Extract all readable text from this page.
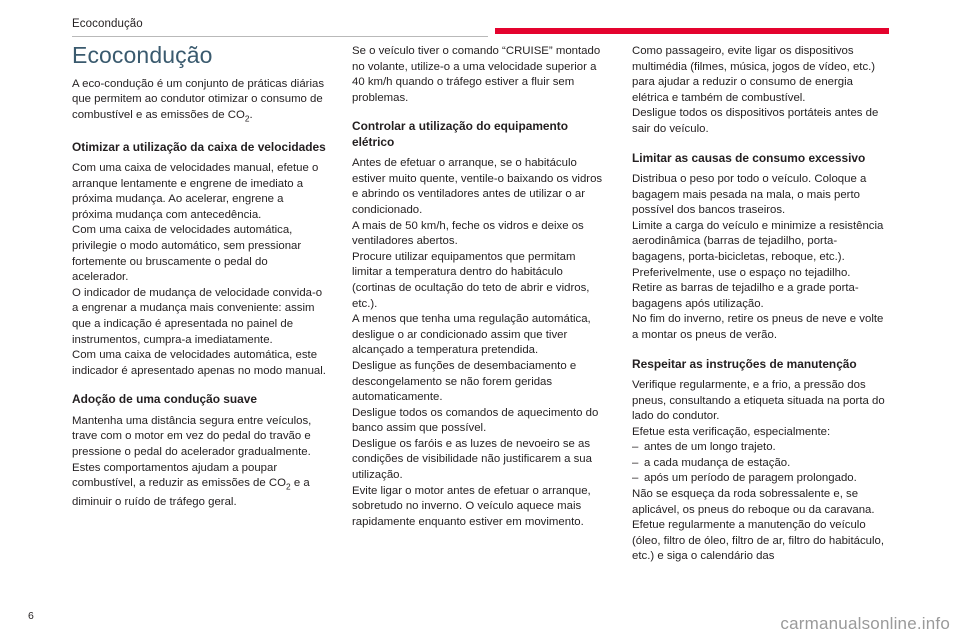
Ecocondução
Ecocondução

A eco-condução é um conjunto de práticas diárias que permitem ao condutor otimizar o consumo de combustível e as emissões de $CO_2$.

Otimizar a utilização da caixa de velocidades

Com uma caixa de velocidades manual, efetue o arranque lentamente e engrene de imediato a próxima mudança. Ao acelerar, engrene a próxima mudança com antecedência.

Com uma caixa de velocidades automática, privilegie o modo automático, sem pressionar fortemente ou bruscamente o pedal do acelerador.

O indicador de mudança de velocidade convida-o a engrenar a mudança mais conveniente: assim que a indicação é apresentada no painel de instrumentos, cumpra-a imediatamente.

Com uma caixa de velocidades automática, este indicador é apresentado apenas no modo manual.

Adoção de uma condução suave

Mantenha uma distância segura entre veículos, trave com o motor em vez do pedal do travão e pressione o pedal do acelerador gradualmente.

Estes comportamentos ajudam a poupar combustível, a reduzir as emissões de $CO_2$ e a diminuir o ruído de tráfego geral.

Se o veículo tiver o comando “CRUISE” montado no volante, utilize-o a uma velocidade superior a 40 km/h quando o tráfego estiver a fluir sem problemas.

Controlar a utilização do equipamento elétrico

Antes de efetuar o arranque, se o habitáculo estiver muito quente, ventile-o baixando os vidros e abrindo os ventiladores antes de utilizar o ar condicionado.

A mais de 50 km/h, feche os vidros e deixe os ventiladores abertos.

Procure utilizar equipamentos que permitam limitar a temperatura dentro do habitáculo (cortinas de ocultação do teto de abrir e vidros, etc.).

A menos que tenha uma regulação automática, desligue o ar condicionado assim que tiver alcançado a temperatura pretendida.

Desligue as funções de desembaciamento e descongelamento se não forem geridas automaticamente.

Desligue todos os comandos de aquecimento do banco assim que possível.

Desligue os faróis e as luzes de nevoeiro se as condições de visibilidade não justificarem a sua utilização.

Evite ligar o motor antes de efetuar o arranque, sobretudo no inverno. O veículo aquece mais rapidamente enquanto estiver em movimento.

Como passageiro, evite ligar os dispositivos multimédia (filmes, música, jogos de vídeo, etc.) para ajudar a reduzir o consumo de energia elétrica e também de combustível.

Desligue todos os dispositivos portáteis antes de sair do veículo.

Limitar as causas de consumo excessivo

Distribua o peso por todo o veículo. Coloque a bagagem mais pesada na mala, o mais perto possível dos bancos traseiros.

Limite a carga do veículo e minimize a resistência aerodinâmica (barras de tejadilho, porta-bagagens, porta-bicicletas, reboque, etc.). Preferivelmente, use o espaço no tejadilho.

Retire as barras de tejadilho e a grade porta-bagagens após utilização.

No fim do inverno, retire os pneus de neve e volte a montar os pneus de verão.

Respeitar as instruções de manutenção

Verifique regularmente, e a frio, a pressão dos pneus, consultando a etiqueta situada na porta do lado do condutor.

Efetue esta verificação, especialmente:

– antes de um longo trajeto.

– a cada mudança de estação.

– após um período de paragem prolongado.

Não se esqueça da roda sobressalente e, se aplicável, os pneus do reboque ou da caravana.

Efetue regularmente a manutenção do veículo (óleo, filtro de óleo, filtro de ar, filtro do habitáculo, etc.) e siga o calendário das

6	carmanualsonline.info
